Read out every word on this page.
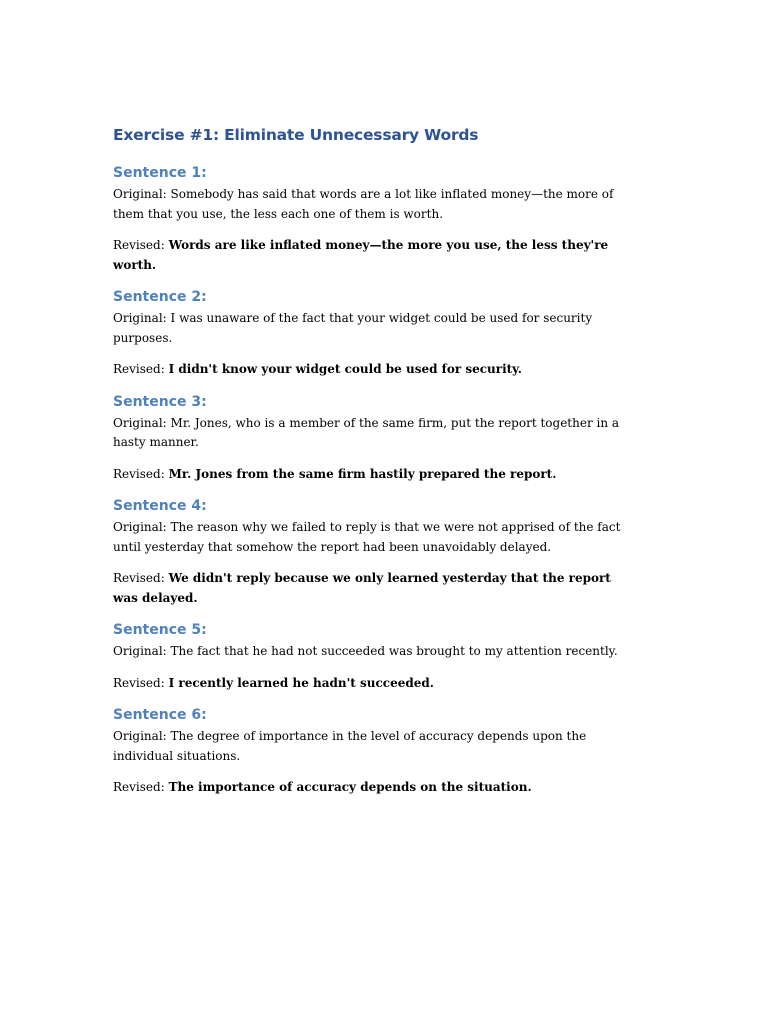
Exercise #1: Eliminate Unnecessary Words
Sentence 1:

Original: Somebody has said that words are a lot like inflated money—the more of them that you use, the less each one of them is worth.

Revised: Words are like inflated money—the more you use, the less they're worth.

Sentence 2:

Original: I was unaware of the fact that your widget could be used for security purposes.

Revised: I didn't know your widget could be used for security.

Sentence 3:

Original: Mr. Jones, who is a member of the same firm, put the report together in a hasty manner.

Revised: Mr. Jones from the same firm hastily prepared the report.

Sentence 4:

Original: The reason why we failed to reply is that we were not apprised of the fact until yesterday that somehow the report had been unavoidably delayed.

Revised: We didn't reply because we only learned yesterday that the report was delayed.

Sentence 5:

Original: The fact that he had not succeeded was brought to my attention recently.

Revised: I recently learned he hadn't succeeded.

Sentence 6:

Original: The degree of importance in the level of accuracy depends upon the individual situations.

Revised: The importance of accuracy depends on the situation.
